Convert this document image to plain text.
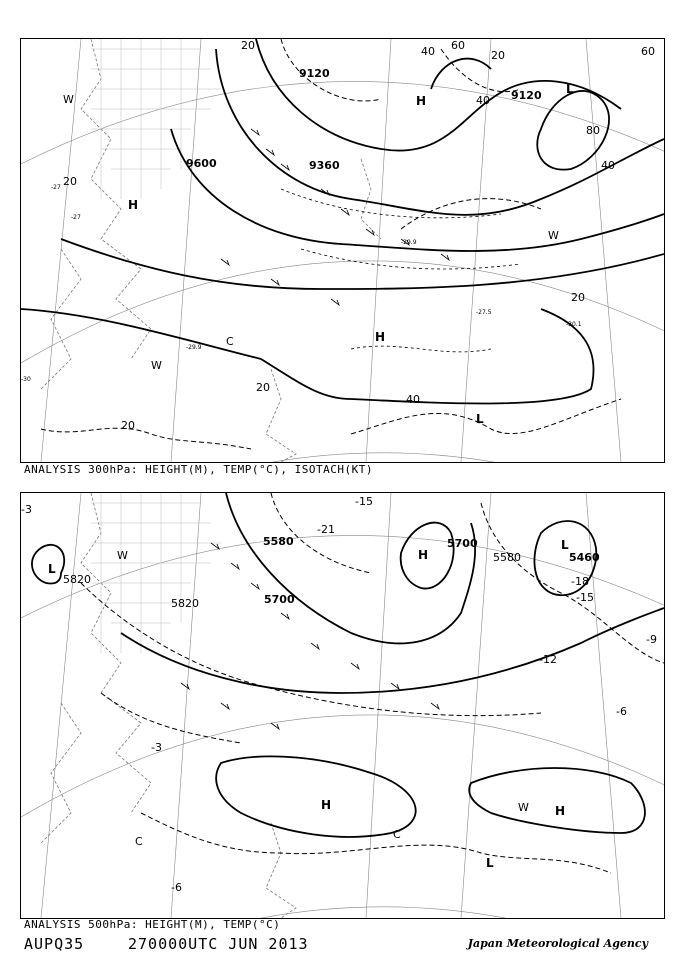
9120
9360
9600
9120
20	40 60
80
40
20
40
20
20
20
60
40
20
-27
-27
-30
-30.1
-29.9
-27.5
-29.9
H
H
H
L
L
C
W
W
W
ANALYSIS 300hPa: HEIGHT(M), TEMP(°C), ISOTACH(KT)
5580
5700
5820
5700
5460
5580
5820
-3
-6
-9
-12
-15
-18
-21
-15
-3
-6
L
H
H	H
L
L
W
W
C
C
ANALYSIS 500hPa: HEIGHT(M), TEMP(°C)
AUPQ35	270000UTC JUN 2013	Japan Meteorological Agency
